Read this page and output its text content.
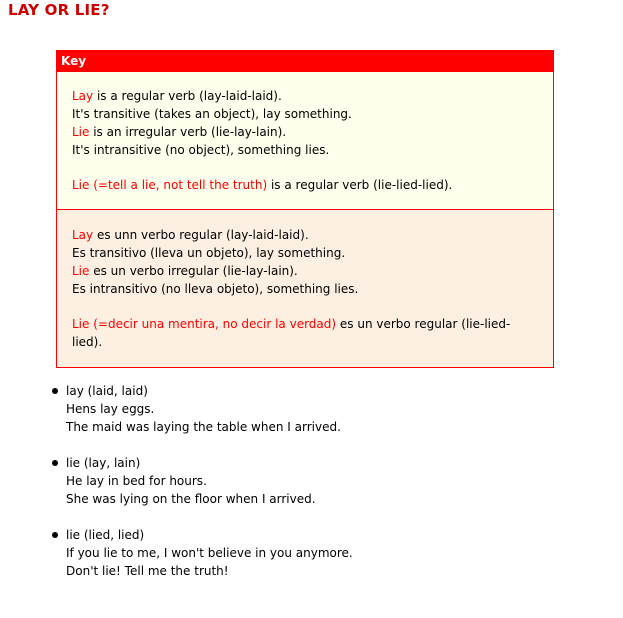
LAY OR LIE?
Key
Lay is a regular verb (lay-laid-laid).
It's transitive (takes an object), lay something.
Lie is an irregular verb (lie-lay-lain).
It's intransitive (no object), something lies.
Lie (=tell a lie, not tell the truth) is a regular verb (lie-lied-lied).
Lay es unn verbo regular (lay-laid-laid).
Es transitivo (lleva un objeto), lay something.
Lie es un verbo irregular (lie-lay-lain).
Es intransitivo (no lleva objeto), something lies.
Lie (=decir una mentira, no decir la verdad) es un verbo regular (lie-lied-lied).
lay (laid, laid)
Hens lay eggs.
The maid was laying the table when I arrived.
lie (lay, lain)
He lay in bed for hours.
She was lying on the floor when I arrived.
lie (lied, lied)
If you lie to me, I won't believe in you anymore.
Don't lie! Tell me the truth!
